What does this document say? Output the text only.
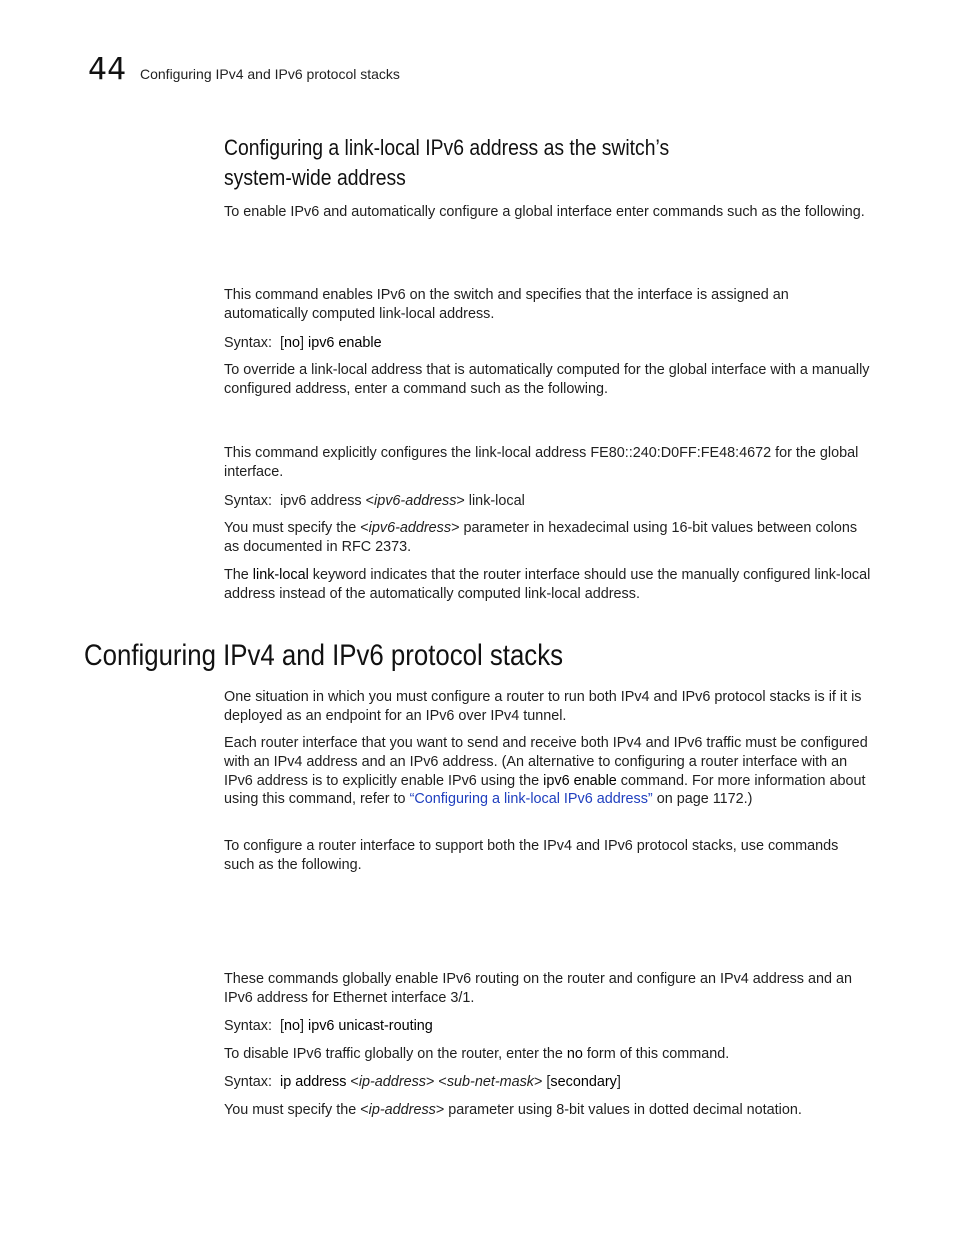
44 Configuring IPv4 and IPv6 protocol stacks
Configuring a link-local IPv6 address as the switch’s
system-wide address
To enable IPv6 and automatically configure a global interface enter commands such as the following.
This command enables IPv6 on the switch and specifies that the interface is assigned an automatically computed link-local address.
Syntax: [no] ipv6 enable
To override a link-local address that is automatically computed for the global interface with a manually configured address, enter a command such as the following.
This command explicitly configures the link-local address FE80::240:D0FF:FE48:4672 for the global interface.
Syntax: ipv6 address <ipv6-address> link-local
You must specify the <ipv6-address> parameter in hexadecimal using 16-bit values between colons as documented in RFC 2373.
The link-local keyword indicates that the router interface should use the manually configured link-local address instead of the automatically computed link-local address.
Configuring IPv4 and IPv6 protocol stacks
One situation in which you must configure a router to run both IPv4 and IPv6 protocol stacks is if it is deployed as an endpoint for an IPv6 over IPv4 tunnel.
Each router interface that you want to send and receive both IPv4 and IPv6 traffic must be configured with an IPv4 address and an IPv6 address. (An alternative to configuring a router interface with an IPv6 address is to explicitly enable IPv6 using the ipv6 enable command. For more information about using this command, refer to “Configuring a link-local IPv6 address” on page 1172.)
To configure a router interface to support both the IPv4 and IPv6 protocol stacks, use commands such as the following.
These commands globally enable IPv6 routing on the router and configure an IPv4 address and an IPv6 address for Ethernet interface 3/1.
Syntax: [no] ipv6 unicast-routing
To disable IPv6 traffic globally on the router, enter the no form of this command.
Syntax: ip address <ip-address> <sub-net-mask> [secondary]
You must specify the <ip-address> parameter using 8-bit values in dotted decimal notation.
